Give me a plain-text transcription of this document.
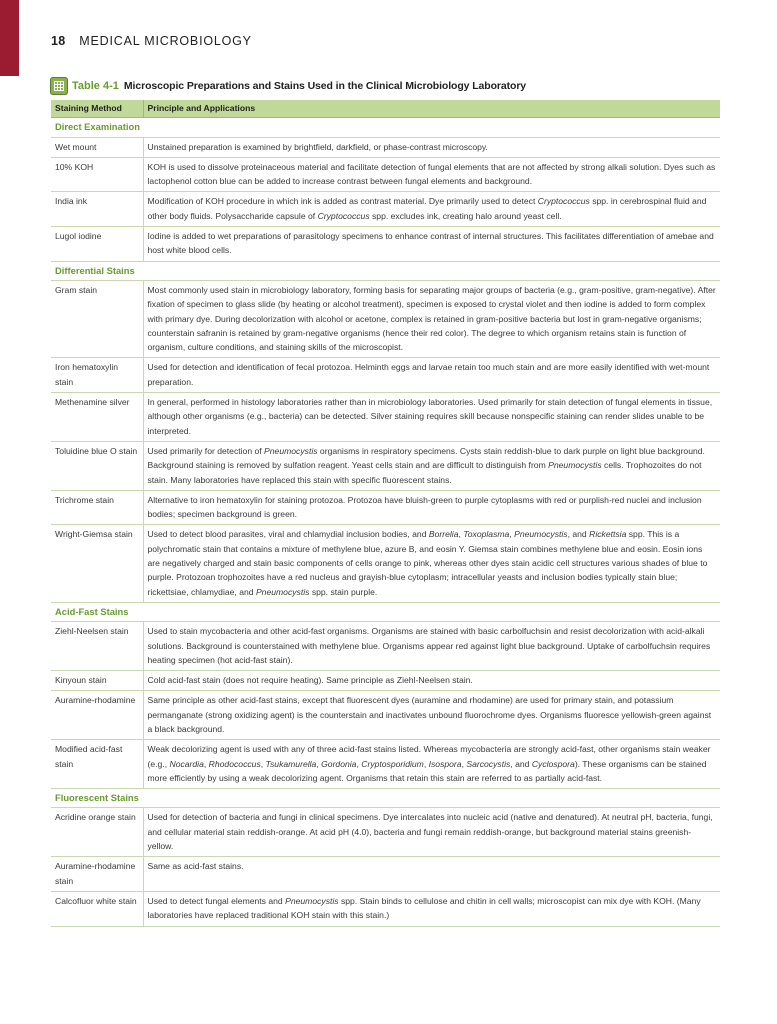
18 MEDICAL MICROBIOLOGY
Table 4-1 Microscopic Preparations and Stains Used in the Clinical Microbiology Laboratory
Staining Method	Principle and Applications
Direct Examination	
Wet mount	Unstained preparation is examined by brightfield, darkfield, or phase-contrast microscopy.
10% KOH	KOH is used to dissolve proteinaceous material and facilitate detection of fungal elements that are not affected by strong alkali solution. Dyes such as lactophenol cotton blue can be added to increase contrast between fungal elements and background.
India ink	Modification of KOH procedure in which ink is added as contrast material. Dye primarily used to detect Cryptococcus spp. in cerebrospinal fluid and other body fluids. Polysaccharide capsule of Cryptococcus spp. excludes ink, creating halo around yeast cell.
Lugol iodine	Iodine is added to wet preparations of parasitology specimens to enhance contrast of internal structures. This facilitates differentiation of amebae and host white blood cells.
Differential Stains	
Gram stain	Most commonly used stain in microbiology laboratory, forming basis for separating major groups of bacteria (e.g., gram-positive, gram-negative). After fixation of specimen to glass slide (by heating or alcohol treatment), specimen is exposed to crystal violet and then iodine is added to form complex with primary dye. During decolorization with alcohol or acetone, complex is retained in gram-positive bacteria but lost in gram-negative organisms; counterstain safranin is retained by gram-negative organisms (hence their red color). The degree to which organism retains stain is function of organism, culture conditions, and staining skills of the microscopist.
Iron hematoxylin stain	Used for detection and identification of fecal protozoa. Helminth eggs and larvae retain too much stain and are more easily identified with wet-mount preparation.
Methenamine silver	In general, performed in histology laboratories rather than in microbiology laboratories. Used primarily for stain detection of fungal elements in tissue, although other organisms (e.g., bacteria) can be detected. Silver staining requires skill because nonspecific staining can render slides unable to be interpreted.
Toluidine blue O stain	Used primarily for detection of Pneumocystis organisms in respiratory specimens. Cysts stain reddish-blue to dark purple on light blue background. Background staining is removed by sulfation reagent. Yeast cells stain and are difficult to distinguish from Pneumocystis cells. Trophozoites do not stain. Many laboratories have replaced this stain with specific fluorescent stains.
Trichrome stain	Alternative to iron hematoxylin for staining protozoa. Protozoa have bluish-green to purple cytoplasms with red or purplish-red nuclei and inclusion bodies; specimen background is green.
Wright-Giemsa stain	Used to detect blood parasites, viral and chlamydial inclusion bodies, and Borrelia, Toxoplasma, Pneumocystis, and Rickettsia spp. This is a polychromatic stain that contains a mixture of methylene blue, azure B, and eosin Y. Giemsa stain combines methylene blue and eosin. Eosin ions are negatively charged and stain basic components of cells orange to pink, whereas other dyes stain acidic cell structures various shades of blue to purple. Protozoan trophozoites have a red nucleus and grayish-blue cytoplasm; intracellular yeasts and inclusion bodies typically stain blue; rickettsiae, chlamydiae, and Pneumocystis spp. stain purple.
Acid-Fast Stains	
Ziehl-Neelsen stain	Used to stain mycobacteria and other acid-fast organisms. Organisms are stained with basic carbolfuchsin and resist decolorization with acid-alkali solutions. Background is counterstained with methylene blue. Organisms appear red against light blue background. Uptake of carbolfuchsin requires heating specimen (hot acid-fast stain).
Kinyoun stain	Cold acid-fast stain (does not require heating). Same principle as Ziehl-Neelsen stain.
Auramine-rhodamine	Same principle as other acid-fast stains, except that fluorescent dyes (auramine and rhodamine) are used for primary stain, and potassium permanganate (strong oxidizing agent) is the counterstain and inactivates unbound fluorochrome dyes. Organisms fluoresce yellowish-green against a black background.
Modified acid-fast stain	Weak decolorizing agent is used with any of three acid-fast stains listed. Whereas mycobacteria are strongly acid-fast, other organisms stain weaker (e.g., Nocardia, Rhodococcus, Tsukamurella, Gordonia, Cryptosporidium, Isospora, Sarcocystis, and Cyclospora). These organisms can be stained more efficiently by using a weak decolorizing agent. Organisms that retain this stain are referred to as partially acid-fast.
Fluorescent Stains	
Acridine orange stain	Used for detection of bacteria and fungi in clinical specimens. Dye intercalates into nucleic acid (native and denatured). At neutral pH, bacteria, fungi, and cellular material stain reddish-orange. At acid pH (4.0), bacteria and fungi remain reddish-orange, but background material stains greenish-yellow.
Auramine-rhodamine stain	Same as acid-fast stains.
Calcofluor white stain	Used to detect fungal elements and Pneumocystis spp. Stain binds to cellulose and chitin in cell walls; microscopist can mix dye with KOH. (Many laboratories have replaced traditional KOH stain with this stain.)
